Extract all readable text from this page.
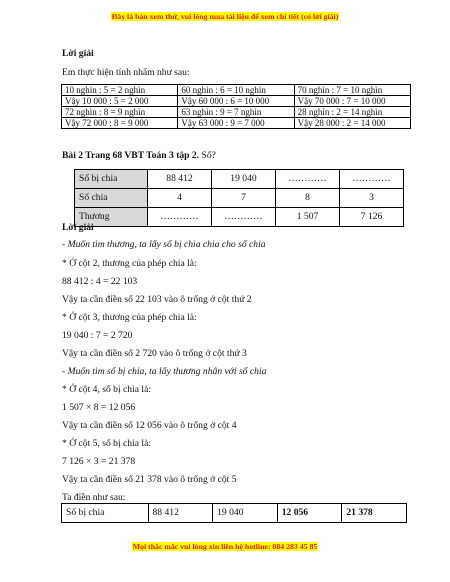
Đây là bản xem thử, vui lòng mua tài liệu để xem chi tiết (có lời giải)
Lời giải
Em thực hiện tính nhẩm như sau:
10 nghìn : 5 = 2 nghìn	60 nghìn : 6 = 10 nghìn	70 nghìn : 7 = 10 nghìn
Vậy 10 000 : 5 = 2 000	Vậy 60 000 : 6 = 10 000	Vậy 70 000 : 7 = 10 000
72 nghìn : 8 = 9 nghìn	63 nghìn : 9 = 7 nghìn	28 nghìn : 2 = 14 nghìn
Vậy 72 000 : 8 = 9 000	Vậy 63 000 : 9 = 7 000	Vậy 28 000 : 2 = 14 000
Bài 2 Trang 68 VBT Toán 3 tập 2. Số?
Số bị chia	88 412	19 040	…………	…………
Số chia	4	7	8	3
Thương	…………	…………	1 507	7 126
Lời giải
- Muốn tìm thương, ta lấy số bị chia chia cho số chia
* Ở cột 2, thương của phép chia là:
88 412 : 4 = 22 103
Vậy ta cần điền số 22 103 vào ô trống ở cột thứ 2
* Ở cột 3, thương của phép chia là:
19 040 : 7 = 2 720
Vậy ta cần điền số 2 720 vào ô trống ở cột thứ 3
- Muốn tìm số bị chia, ta lấy thương nhân với số chia
* Ở cột 4, số bị chia là:
1 507 × 8 = 12 056
Vậy ta cần điền số 12 056 vào ô trống ở cột 4
* Ở cột 5, số bị chia là:
7 126 × 3 = 21 378
Vậy ta cần điền số 21 378 vào ô trống ở cột 5
Ta điền như sau:
Số bị chia	88 412	19 040	12 056	21 378
Mọi thắc mắc vui lòng xin liên hệ hotline: 084 283 45 85
